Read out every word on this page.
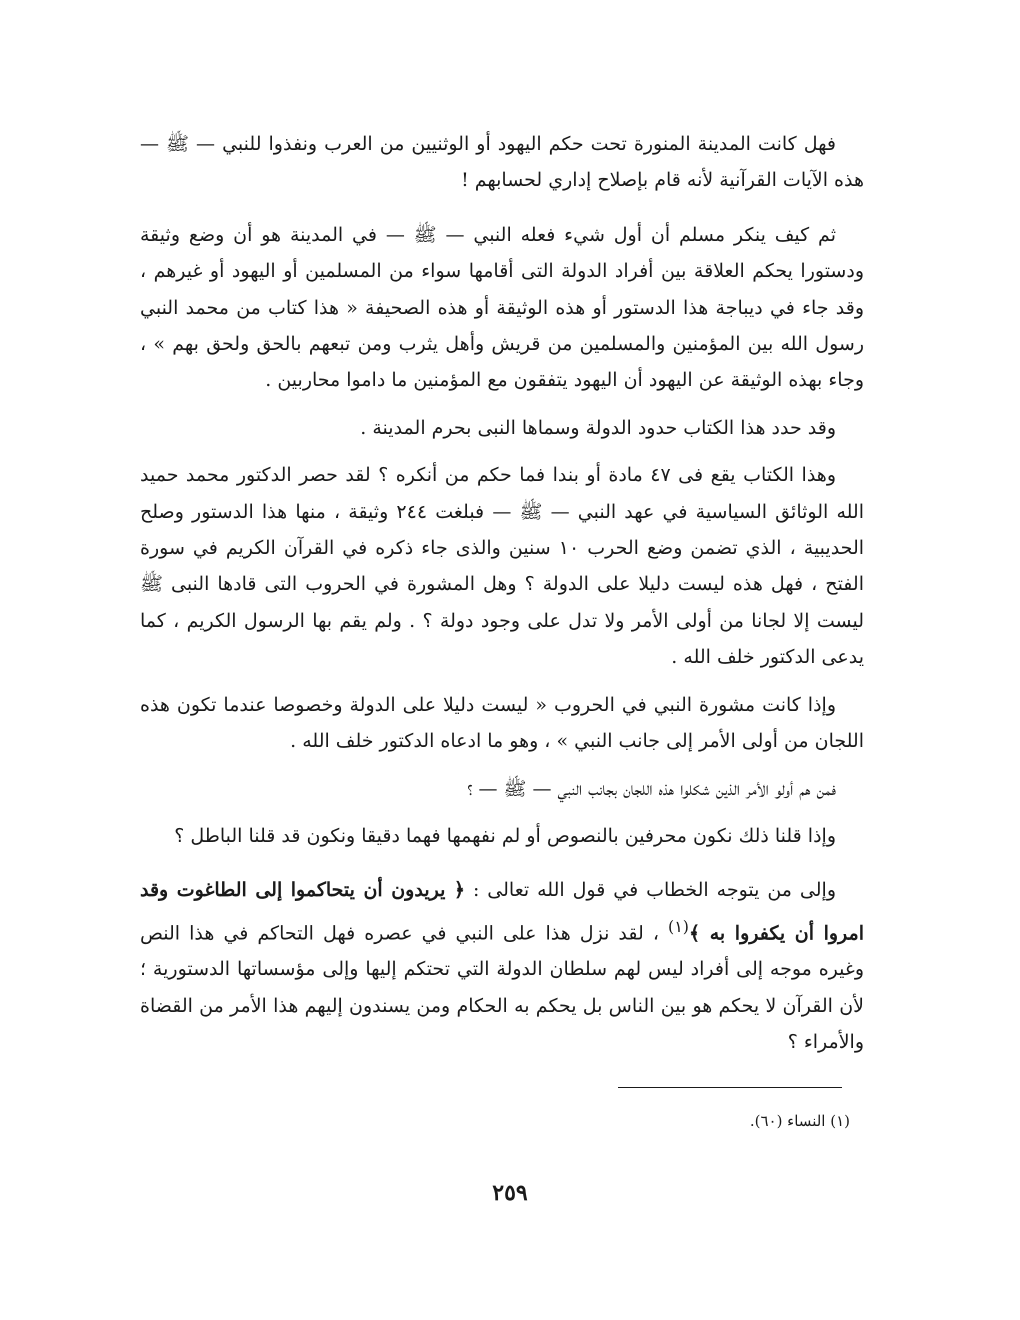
فهل كانت المدينة المنورة تحت حكم اليهود أو الوثنيين من العرب ونفذوا للنبي — ﷺ — هذه الآيات القرآنية لأنه قام بإصلاح إداري لحسابهم !

ثم كيف ينكر مسلم أن أول شيء فعله النبي — ﷺ — في المدينة هو أن وضع وثيقة ودستورا يحكم العلاقة بين أفراد الدولة التى أقامها سواء من المسلمين أو اليهود أو غيرهم ، وقد جاء في ديباجة هذا الدستور أو هذه الوثيقة أو هذه الصحيفة « هذا كتاب من محمد النبي رسول الله بين المؤمنين والمسلمين من قريش وأهل يثرب ومن تبعهم بالحق ولحق بهم » ، وجاء بهذه الوثيقة عن اليهود أن اليهود يتفقون مع المؤمنين ما داموا محاربين .

وقد حدد هذا الكتاب حدود الدولة وسماها النبى بحرم المدينة .

وهذا الكتاب يقع فى ٤٧ مادة أو بندا فما حكم من أنكره ؟ لقد حصر الدكتور محمد حميد الله الوثائق السياسية في عهد النبي — ﷺ — فبلغت ٢٤٤ وثيقة ، منها هذا الدستور وصلح الحديبية ، الذي تضمن وضع الحرب ١٠ سنين والذى جاء ذكره في القرآن الكريم في سورة الفتح ، فهل هذه ليست دليلا على الدولة ؟ وهل المشورة في الحروب التى قادها النبى ﷺ ليست إلا لجانا من أولى الأمر ولا تدل على وجود دولة ؟ . ولم يقم بها الرسول الكريم ، كما يدعى الدكتور خلف الله .

وإذا كانت مشورة النبي في الحروب « ليست دليلا على الدولة وخصوصا عندما تكون هذه اللجان من أولى الأمر إلى جانب النبي » ، وهو ما ادعاه الدكتور خلف الله .

فمن هم أولو الأمر الذين شكلوا هذه اللجان بجانب النبي — ﷺ — ؟

وإذا قلنا ذلك نكون محرفين بالنصوص أو لم نفهمها فهما دقيقا ونكون قد قلنا الباطل ؟

وإلى من يتوجه الخطاب في قول الله تعالى : ﴿ يريدون أن يتحاكموا إلى الطاغوت وقد امروا أن يكفروا به ﴾$^{(١)}$ ، لقد نزل هذا على النبي في عصره فهل التحاكم في هذا النص وغيره موجه إلى أفراد ليس لهم سلطان الدولة التي تحتكم إليها وإلى مؤسساتها الدستورية ؛ لأن القرآن لا يحكم هو بين الناس بل يحكم به الحكام ومن يسندون إليهم هذا الأمر من القضاة والأمراء ؟

(١) النساء (٦٠).
٢٥٩
